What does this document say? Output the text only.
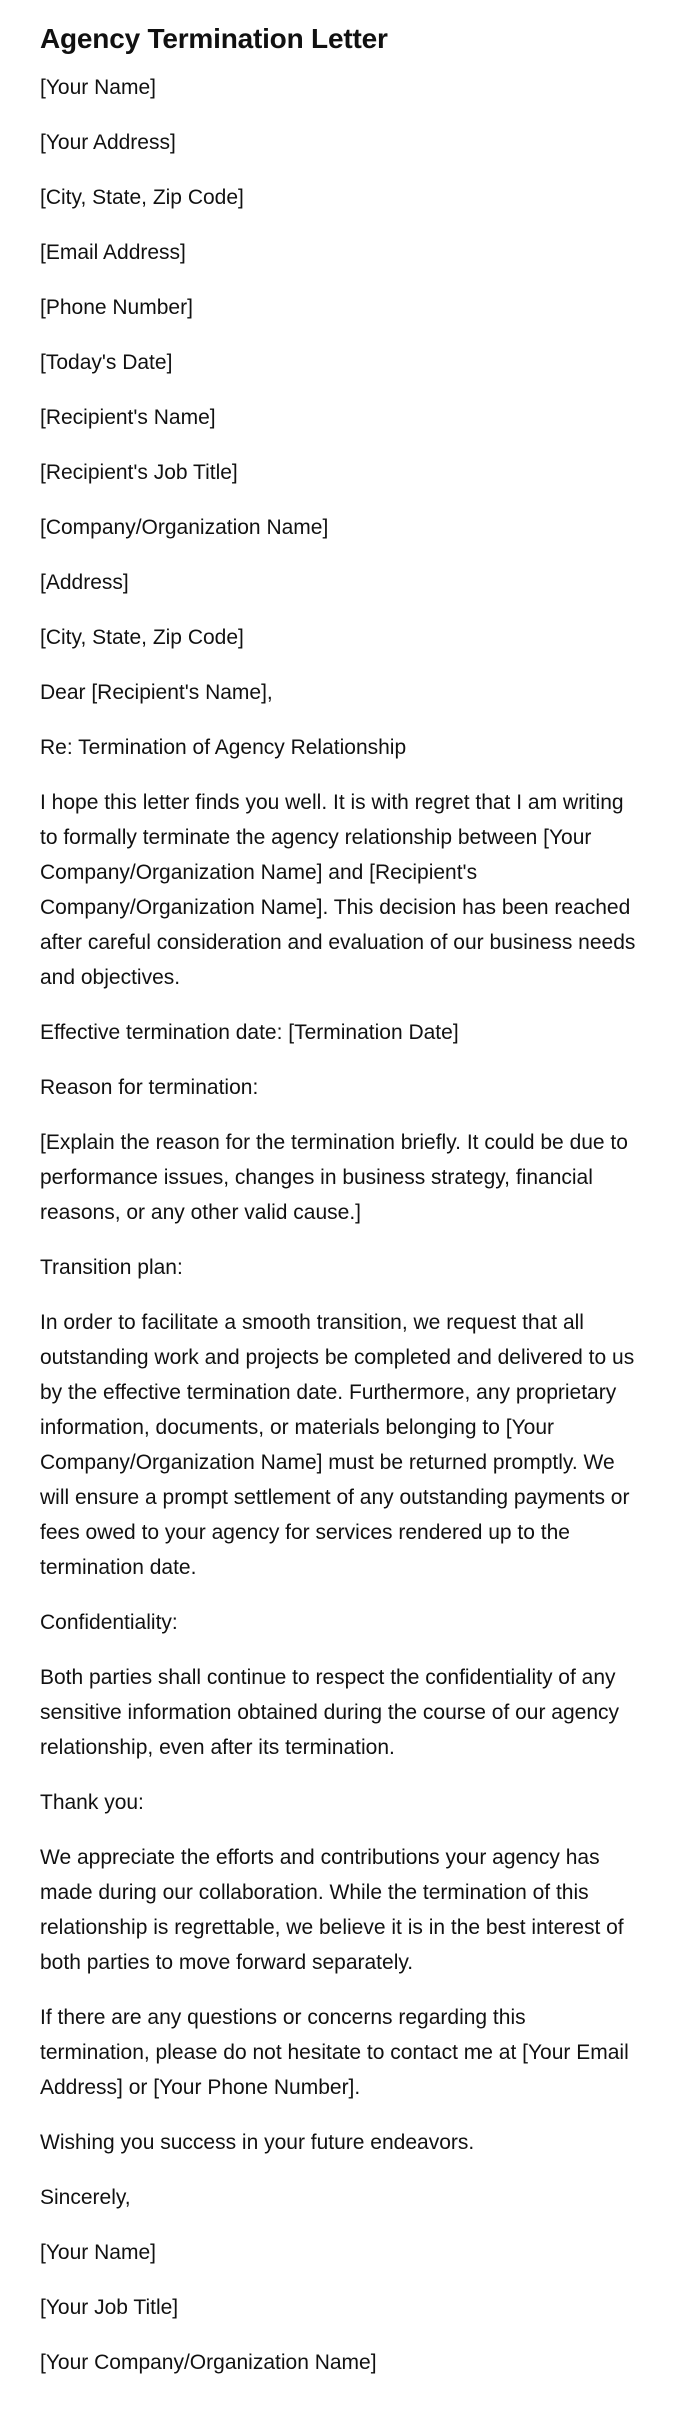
Agency Termination Letter

[Your Name]

[Your Address]

[City, State, Zip Code]

[Email Address]

[Phone Number]

[Today's Date]

[Recipient's Name]

[Recipient's Job Title]

[Company/Organization Name]

[Address]

[City, State, Zip Code]

Dear [Recipient's Name],

Re: Termination of Agency Relationship

I hope this letter finds you well. It is with regret that I am writing to formally terminate the agency relationship between [Your Company/Organization Name] and [Recipient's Company/Organization Name]. This decision has been reached after careful consideration and evaluation of our business needs and objectives.

Effective termination date: [Termination Date]

Reason for termination:

[Explain the reason for the termination briefly. It could be due to performance issues, changes in business strategy, financial reasons, or any other valid cause.]

Transition plan:

In order to facilitate a smooth transition, we request that all outstanding work and projects be completed and delivered to us by the effective termination date. Furthermore, any proprietary information, documents, or materials belonging to [Your Company/Organization Name] must be returned promptly. We will ensure a prompt settlement of any outstanding payments or fees owed to your agency for services rendered up to the termination date.

Confidentiality:

Both parties shall continue to respect the confidentiality of any sensitive information obtained during the course of our agency relationship, even after its termination.

Thank you:

We appreciate the efforts and contributions your agency has made during our collaboration. While the termination of this relationship is regrettable, we believe it is in the best interest of both parties to move forward separately.

If there are any questions or concerns regarding this termination, please do not hesitate to contact me at [Your Email Address] or [Your Phone Number].

Wishing you success in your future endeavors.

Sincerely,

[Your Name]

[Your Job Title]

[Your Company/Organization Name]
